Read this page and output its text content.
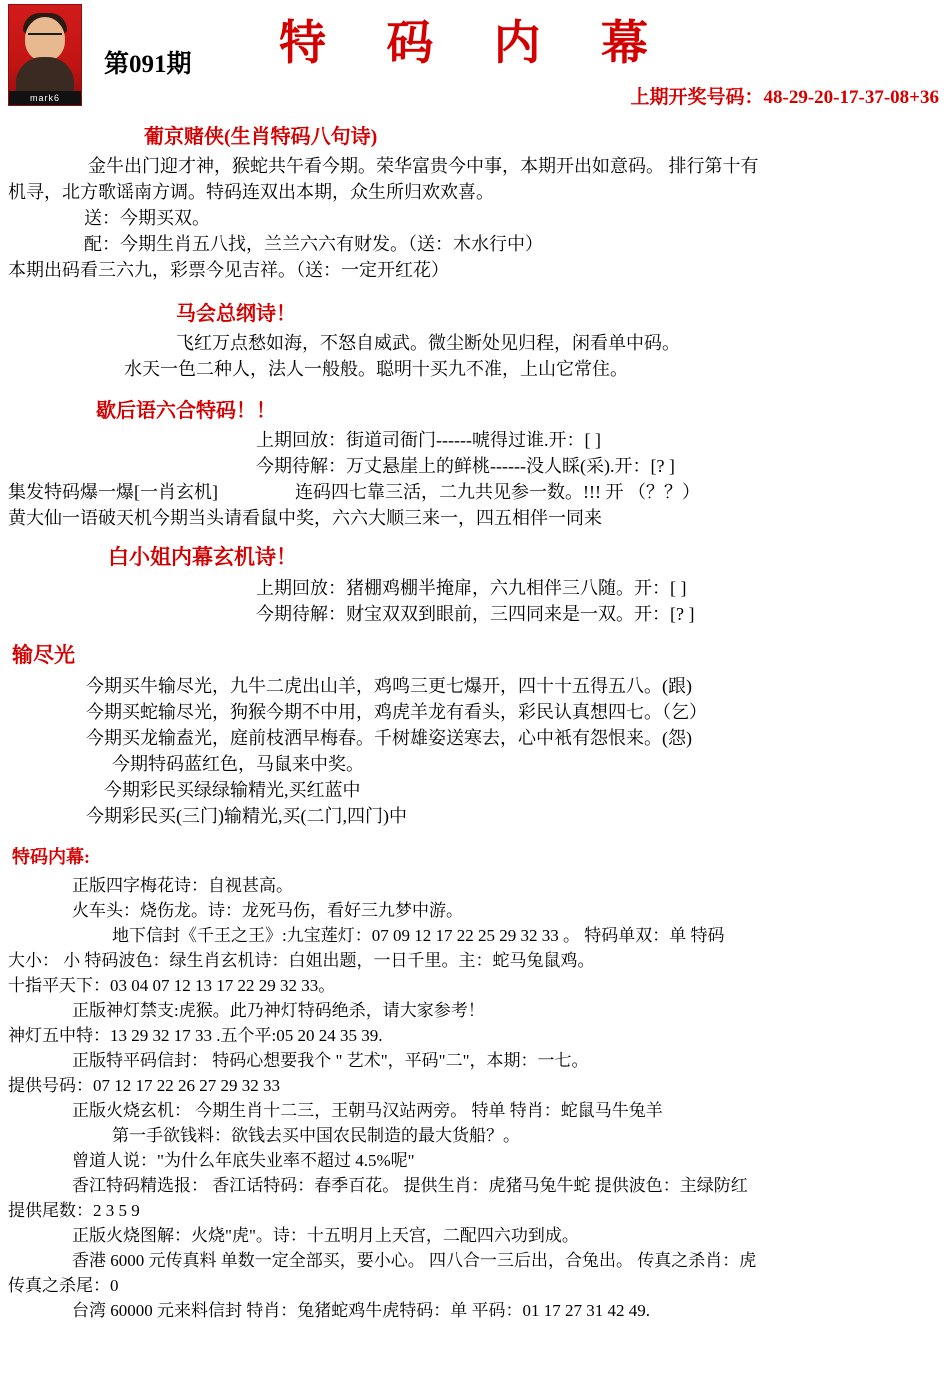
mark6
特 码 内 幕
第091期
上期开奖号码：48-29-20-17-37-08+36
葡京赌侠(生肖特码八句诗)

金牛出门迎才神，猴蛇共午看今期。荣华富贵今中事，本期开出如意码。 排行第十有

机寻，北方歌谣南方调。特码连双出本期，众生所归欢欢喜。

送：今期买双。

配：今期生肖五八找，兰兰六六有财发。（送：木水行中）

本期出码看三六九，彩票今见吉祥。（送：一定开红花）

马会总纲诗！

飞红万点愁如海，不怒自威武。微尘断处见归程，闲看单中码。

水天一色二种人，法人一般般。聪明十买九不准，上山它常住。

歇后语六合特码！！

上期回放：街道司衙门------唬得过谁.开：[ ]

今期待解：万丈悬崖上的鲜桃------没人睬(采).开：[? ]

集发特码爆一爆[一肖玄机]	连码四七靠三活，二九共见参一数。!!! 开 （？？）

黄大仙一语破天机今期当头请看鼠中奖，六六大顺三来一，四五相伴一同来

白小姐内幕玄机诗！

上期回放：猪棚鸡棚半掩扉，六九相伴三八随。开：[ ]

今期待解：财宝双双到眼前，三四同来是一双。开：[? ]

输尽光

今期买牛输尽光，九牛二虎出山羊，鸡鸣三更七爆开，四十十五得五八。(跟)

今期买蛇输尽光，狗猴今期不中用，鸡虎羊龙有看头，彩民认真想四七。（乞）

今期买龙输盍光，庭前枝洒早梅春。千树雄姿送寒去，心中衹有怨恨来。(怨)

今期特码蓝红色，马鼠来中奖。

今期彩民买绿绿输精光,买红蓝中

今期彩民买(三门)输精光,买(二门,四门)中

特码内幕:

正版四字梅花诗：自视甚高。

火车头：烧伤龙。诗：龙死马伤，看好三九梦中游。

地下信封《千王之王》:九宝莲灯：07 09 12 17 22 25 29 32 33 。 特码单双：单 特码

大小： 小 特码波色：绿生肖玄机诗：白姐出题，一日千里。主：蛇马兔鼠鸡。

十指平天下：03 04 07 12 13 17 22 29 32 33。

正版神灯禁支:虎猴。此乃神灯特码绝杀，请大家参考！

神灯五中特：13 29 32 17 33 .五个平:05 20 24 35 39.

正版特平码信封： 特码心想要我个 " 艺术"，平码"二"，本期：一七。

提供号码：07 12 17 22 26 27 29 32 33

正版火烧玄机： 今期生肖十二三，王朝马汉站两旁。 特单 特肖：蛇鼠马牛兔羊

第一手欲钱料：欲钱去买中国农民制造的最大货船？。

曾道人说："为什么年底失业率不超过 4.5%呢"

香江特码精选报： 香江话特码：春季百花。 提供生肖：虎猪马兔牛蛇 提供波色：主绿防红

提供尾数：2 3 5 9

正版火烧图解：火烧"虎"。诗：十五明月上天宫，二配四六功到成。

香港 6000 元传真料 单数一定全部买，要小心。 四八合一三后出，合兔出。 传真之杀肖：虎

传真之杀尾：0

台湾 60000 元来料信封 特肖：兔猪蛇鸡牛虎特码：单 平码：01 17 27 31 42 49.
